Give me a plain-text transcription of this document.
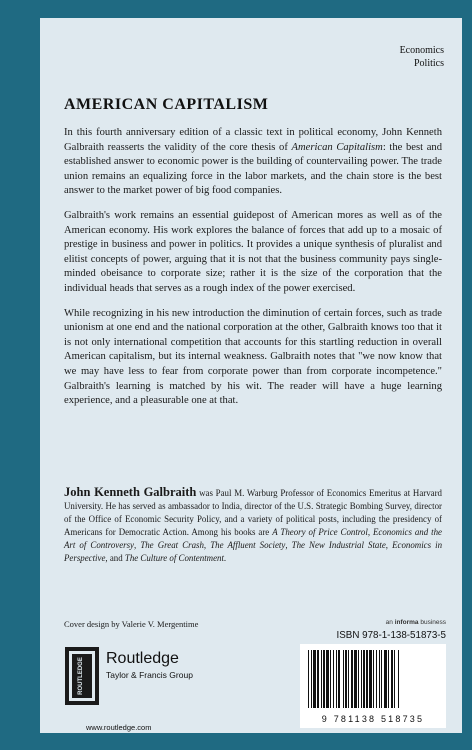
Economics
Politics
AMERICAN CAPITALISM

In this fourth anniversary edition of a classic text in political economy, John Kenneth Galbraith reasserts the validity of the core thesis of American Capitalism: the best and established answer to economic power is the building of countervailing power. The trade union remains an equalizing force in the labor markets, and the chain store is the best answer to the market power of big food companies.

Galbraith's work remains an essential guidepost of American mores as well as of the American economy. His work explores the balance of forces that add up to a mosaic of prestige in business and power in politics. It provides a unique synthesis of pluralist and elitist concepts of power, arguing that it is not that the business community pays single-minded obeisance to corporate size; rather it is the size of the corporation that the individual heads that serves as a rough index of the power exercised.

While recognizing in his new introduction the diminution of certain forces, such as trade unionism at one end and the national corporation at the other, Galbraith knows too that it is not only international competition that accounts for this startling reduction in overall American capitalism, but its internal weakness. Galbraith notes that "we now know that we may have less to fear from corporate power than from corporate incompetence." Galbraith's learning is matched by his wit. The reader will have a huge learning experience, and a pleasurable one at that.

John Kenneth Galbraith was Paul M. Warburg Professor of Economics Emeritus at Harvard University. He has served as ambassador to India, director of the U.S. Strategic Bombing Survey, director of the Office of Economic Security Policy, and a variety of political posts, including the presidency of Americans for Democratic Action. Among his books are A Theory of Price Control, Economics and the Art of Controversy, The Great Crash, The Affluent Society, The New Industrial State, Economics in Perspective, and The Culture of Contentment.
Cover design by Valerie V. Mergentime	an informa business
ISBN 978-1-138-51873-5
9 781138 518735
ROUTLEDGE Routledge
Taylor & Francis Group
www.routledge.com
